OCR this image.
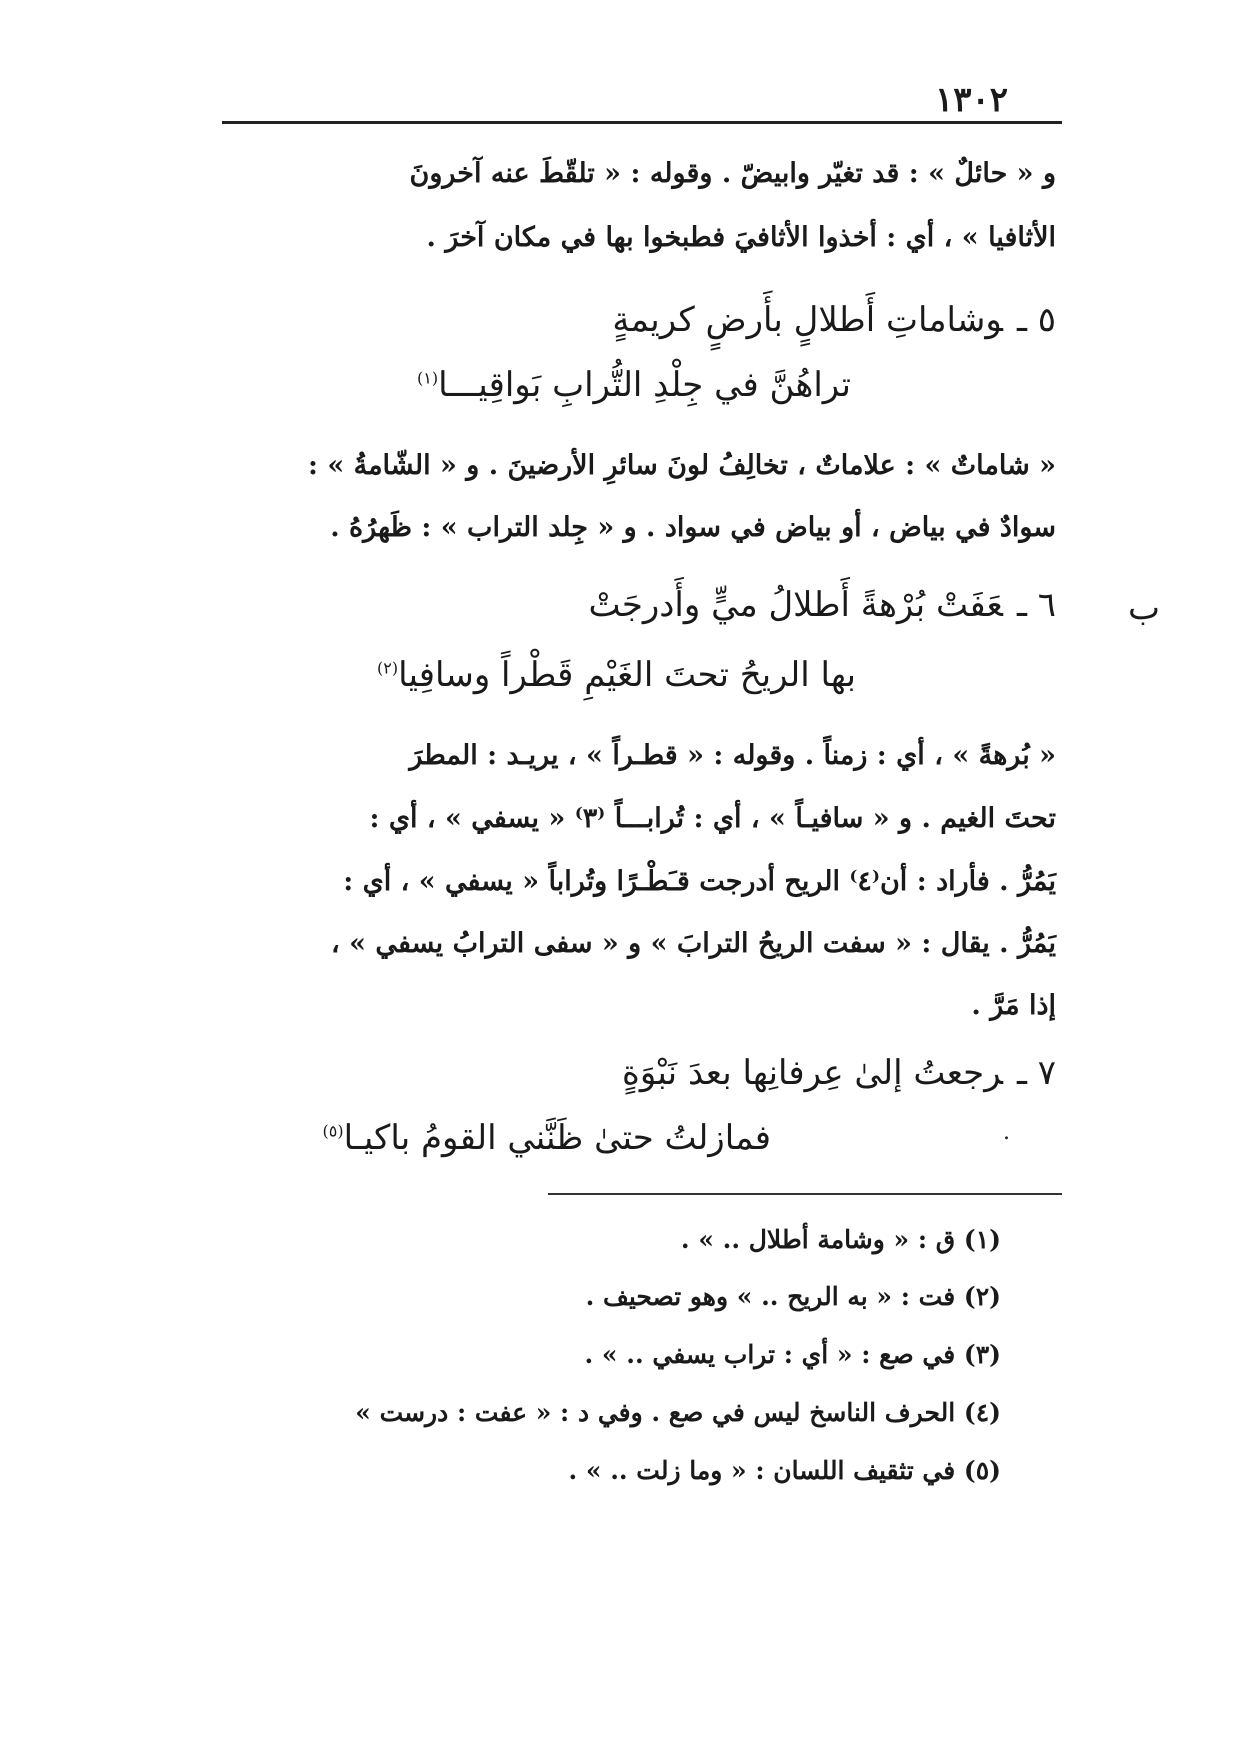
١٣٠٢
و « حائلٌ » : قد تغيّر وابيضّ . وقوله : « تلقّطَ عنه آخرونَ
الأثافيا » ، أي : أخذوا الأثافيَ فطبخوا بها في مكان آخرَ .
٥ ـوشاماتِ أَطلالٍ بأَرضٍ كريمةٍ
تراهُنَّ في جِلْدِ التُّرابِ بَواقِيـــا$^{(١)}$
« شاماتٌ » : علاماتٌ ، تخالِفُ لونَ سائرِ الأرضينَ . و « الشّامةُ » :
سوادٌ في بياض ، أو بياض في سواد . و « جِلد التراب » : ظَهرُهُ .
ب
٦ ـعَفَتْ بُرْهةً أَطلالُ ميٍّ وأَدرجَتْ
بها الريحُ تحتَ الغَيْمِ قَطْراً وسافِيا$^{(٢)}$
« بُرهةً » ، أي : زمناً . وقوله : « قطـراً » ، يريـد : المطرَ
تحتَ الغيم . و « سافيـاً » ، أي : تُرابـــاً ⁽٣⁾ « يسفي » ، أي :
يَمُرُّ . فأراد : أن⁽٤⁾ الريح أدرجت قـَطْـرًا وتُراباً « يسفي » ، أي :
يَمُرُّ . يقال : « سفت الريحُ الترابَ » و « سفى الترابُ يسفي » ،
إذا مَرَّ .
٧ ـرجعتُ إلىٰ عِرفانِها بعدَ نَبْوَةٍ
فمازلتُ حتىٰ ظَنَّني القومُ باكيـا$^{(٥)}$	.
(١) ق : « وشامة أطلال .. » .
(٢) فت : « به الريح .. » وهو تصحيف .
(٣) في صع : « أي : تراب يسفي .. » .
(٤) الحرف الناسخ ليس في صع . وفي د : « عفت : درست »
(٥) في تثقيف اللسان : « وما زلت .. » .
